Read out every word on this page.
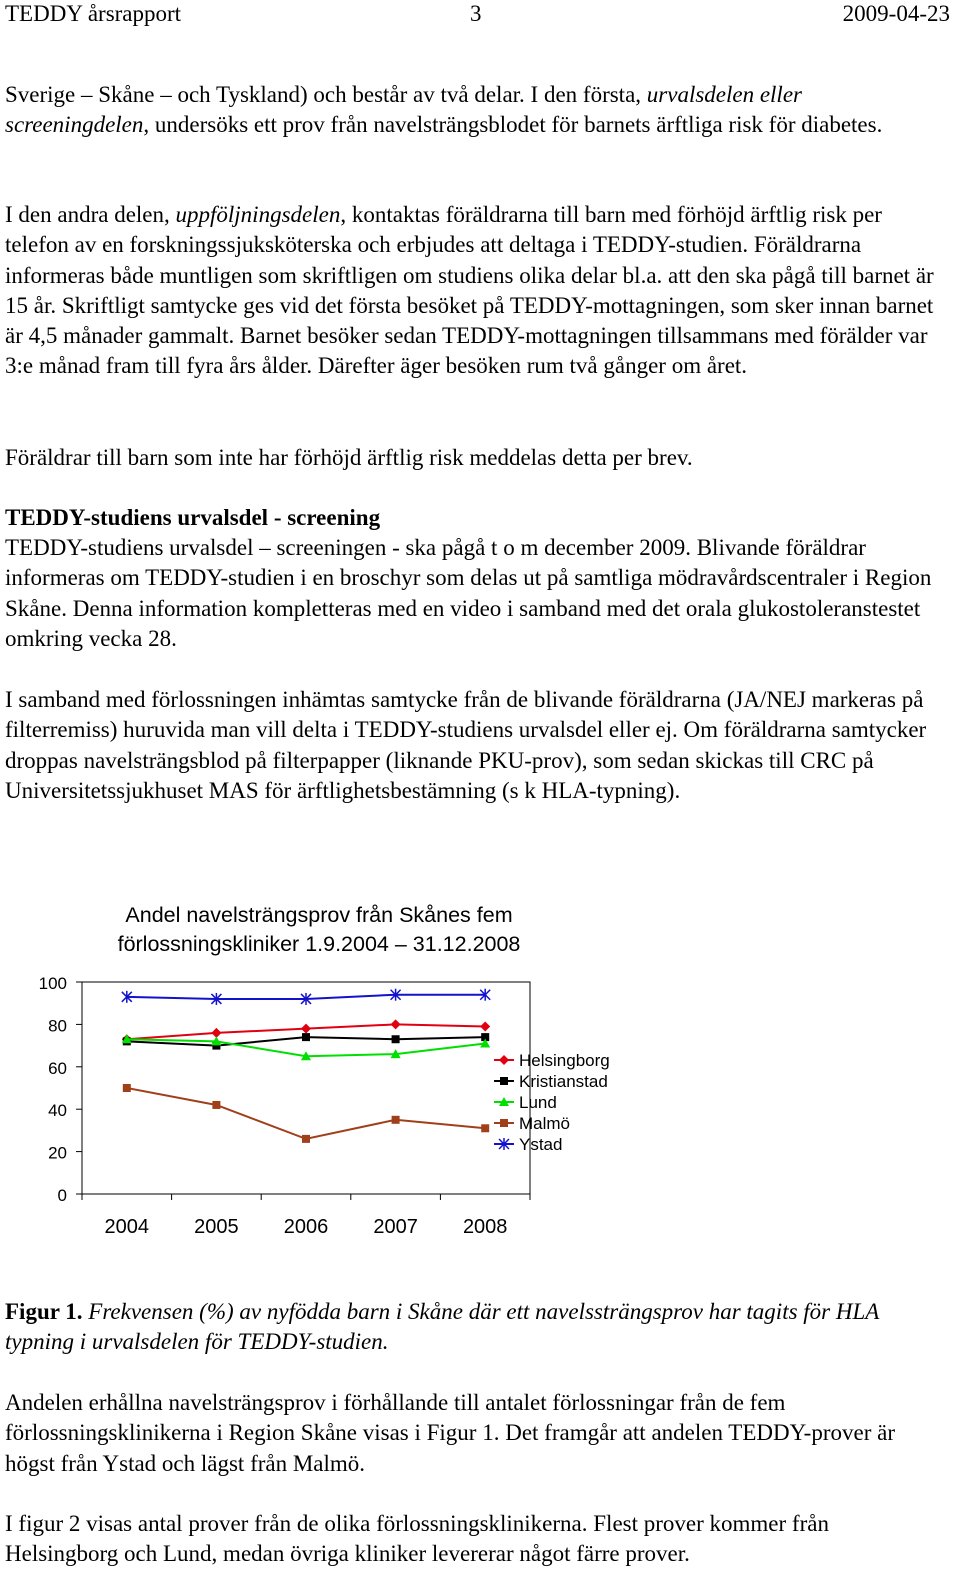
TEDDY årsrapport	3	2009-04-23

Sverige – Skåne – och Tyskland) och består av två delar. I den första, urvalsdelen eller screeningdelen, undersöks ett prov från navelsträngsblodet för barnets ärftliga risk för diabetes.

I den andra delen, uppföljningsdelen, kontaktas föräldrarna till barn med förhöjd ärftlig risk per telefon av en forskningssjuksköterska och erbjudes att deltaga i TEDDY-studien. Föräldrarna informeras både muntligen som skriftligen om studiens olika delar bl.a. att den ska pågå till barnet är 15 år. Skriftligt samtycke ges vid det första besöket på TEDDY-mottagningen, som sker innan barnet är 4,5 månader gammalt. Barnet besöker sedan TEDDY-mottagningen tillsammans med förälder var 3:e månad fram till fyra års ålder. Därefter äger besöken rum två gånger om året.

Föräldrar till barn som inte har förhöjd ärftlig risk meddelas detta per brev.

TEDDY-studiens urvalsdel - screening

TEDDY-studiens urvalsdel – screeningen - ska pågå t o m december 2009. Blivande föräldrar informeras om TEDDY-studien i en broschyr som delas ut på samtliga mödravårdscentraler i Region Skåne. Denna information kompletteras med en video i samband med det orala glukostoleranstestet omkring vecka 28.

I samband med förlossningen inhämtas samtycke från de blivande föräldrarna (JA/NEJ markeras på filterremiss) huruvida man vill delta i TEDDY-studiens urvalsdel eller ej. Om föräldrarna samtycker droppas navelsträngsblod på filterpapper (liknande PKU-prov), som sedan skickas till CRC på Universitetssjukhuset MAS för ärftlighetsbestämning (s k HLA-typning).

Andel navelsträngsprov från Skånes fem
förlossningskliniker 1.9.2004 – 31.12.2008
0
20
40
60
80
100
2004 2005 2006 2007 2008
Helsingborg
Kristianstad
Lund
Malmö
Ystad

Figur 1. Frekvensen (%) av nyfödda barn i Skåne där ett navelssträngsprov har tagits för HLA typning i urvalsdelen för TEDDY-studien.

Andelen erhållna navelsträngsprov i förhållande till antalet förlossningar från de fem förlossningsklinikerna i Region Skåne visas i Figur 1. Det framgår att andelen TEDDY-prover är högst från Ystad och lägst från Malmö.

I figur 2 visas antal prover från de olika förlossningsklinikerna. Flest prover kommer från Helsingborg och Lund, medan övriga kliniker levererar något färre prover.
